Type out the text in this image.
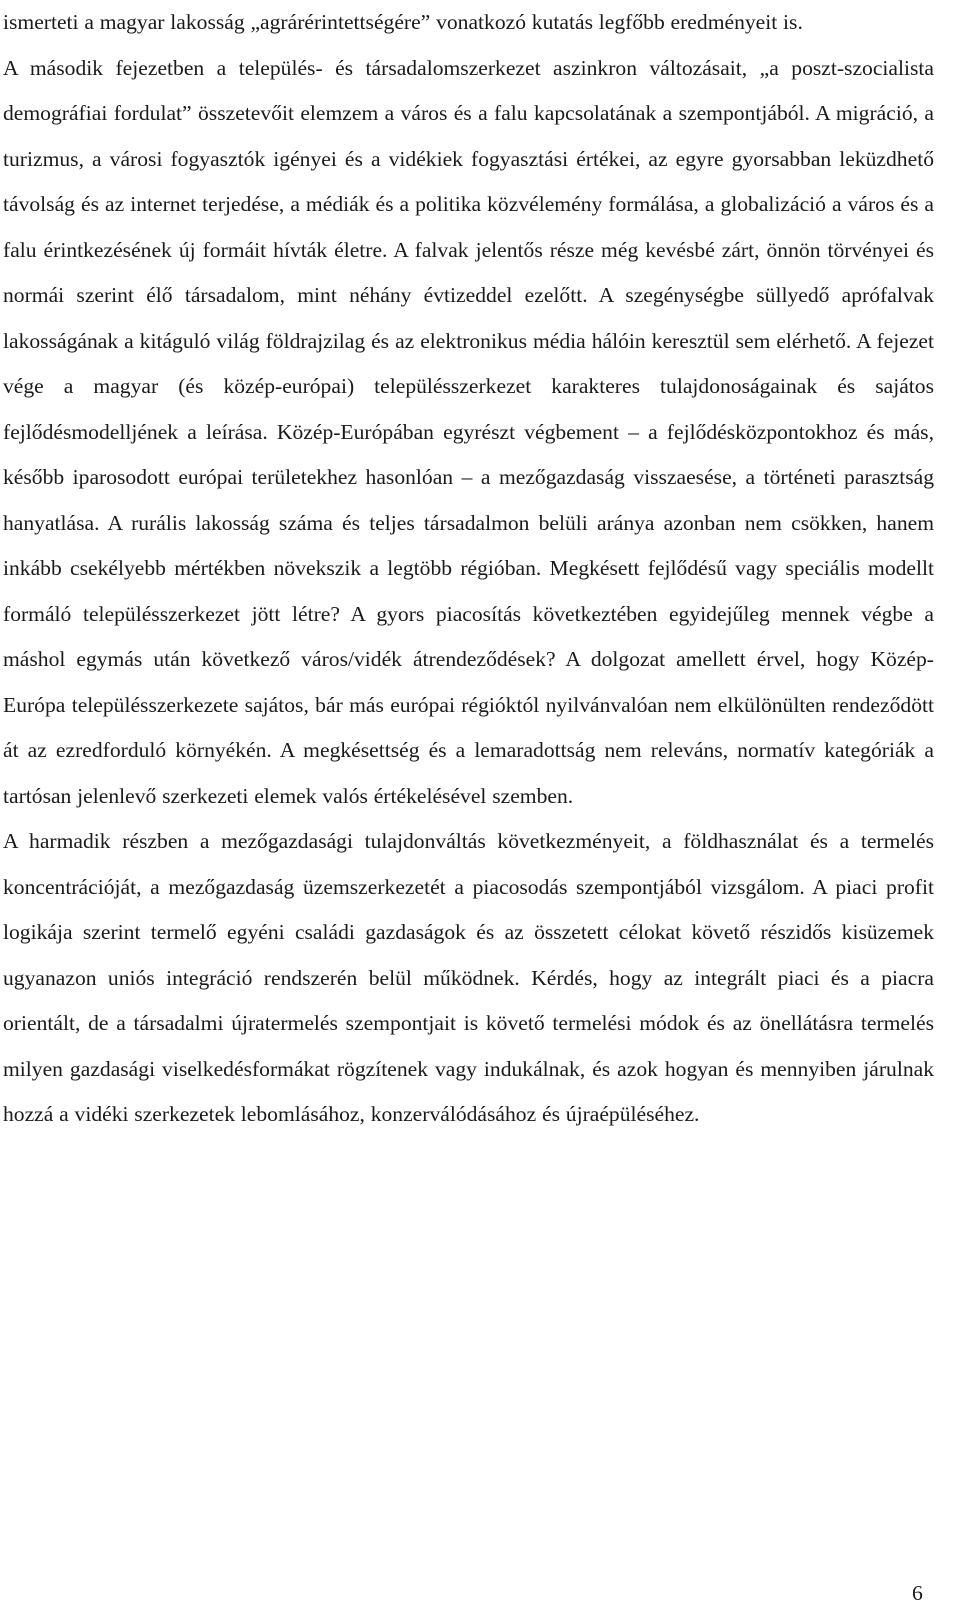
ismerteti a magyar lakosság „agrárérintettségére” vonatkozó kutatás legfőbb eredményeit is.

A második fejezetben a település- és társadalomszerkezet aszinkron változásait, „a poszt-szocialista demográfiai fordulat” összetevőit elemzem a város és a falu kapcsolatának a szempontjából. A migráció, a turizmus, a városi fogyasztók igényei és a vidékiek fogyasztási értékei, az egyre gyorsabban leküzdhető távolság és az internet terjedése, a médiák és a politika közvélemény formálása, a globalizáció a város és a falu érintkezésének új formáit hívták életre. A falvak jelentős része még kevésbé zárt, önnön törvényei és normái szerint élő társadalom, mint néhány évtizeddel ezelőtt. A szegénységbe süllyedő aprófalvak lakosságának a kitáguló világ földrajzilag és az elektronikus média hálóin keresztül sem elérhető. A fejezet vége a magyar (és közép-európai) településszerkezet karakteres tulajdonoságainak és sajátos fejlődésmodelljének a leírása. Közép-Európában egyrészt végbement – a fejlődésközpontokhoz és más, később iparosodott európai területekhez hasonlóan – a mezőgazdaság visszaesése, a történeti parasztság hanyatlása. A rurális lakosság száma és teljes társadalmon belüli aránya azonban nem csökken, hanem inkább csekélyebb mértékben növekszik a legtöbb régióban. Megkésett fejlődésű vagy speciális modellt formáló településszerkezet jött létre? A gyors piacosítás következtében egyidejűleg mennek végbe a máshol egymás után következő város/vidék átrendeződések? A dolgozat amellett érvel, hogy Közép-Európa településszerkezete sajátos, bár más európai régióktól nyilvánvalóan nem elkülönülten rendeződött át az ezredforduló környékén. A megkésettség és a lemaradottság nem releváns, normatív kategóriák a tartósan jelenlevő szerkezeti elemek valós értékelésével szemben.

A harmadik részben a mezőgazdasági tulajdonváltás következményeit, a földhasználat és a termelés koncentrációját, a mezőgazdaság üzemszerkezetét a piacosodás szempontjából vizsgálom. A piaci profit logikája szerint termelő egyéni családi gazdaságok és az összetett célokat követő részidős kisüzemek ugyanazon uniós integráció rendszerén belül működnek. Kérdés, hogy az integrált piaci és a piacra orientált, de a társadalmi újratermelés szempontjait is követő termelési módok és az önellátásra termelés milyen gazdasági viselkedésformákat rögzítenek vagy indukálnak, és azok hogyan és mennyiben járulnak hozzá a vidéki szerkezetek lebomlásához, konzerválódásához és újraépüléséhez.

6
